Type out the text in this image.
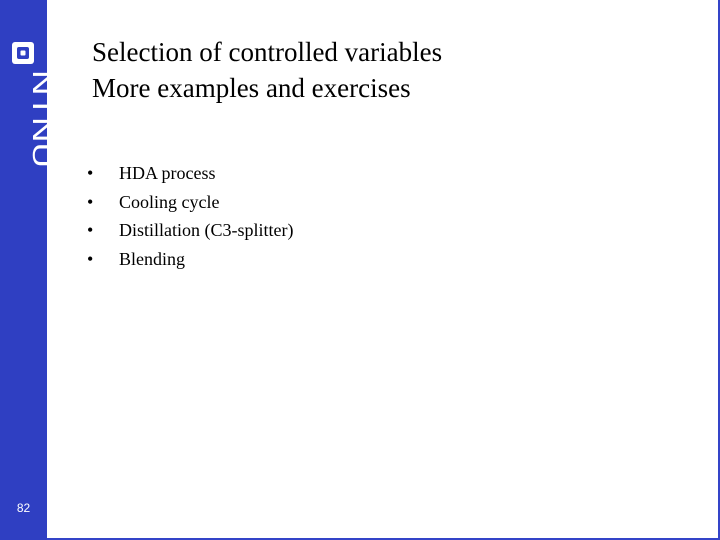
NTNU
82
Selection of controlled variables
More examples and exercises
• HDA process
• Cooling cycle
• Distillation (C3-splitter)
• Blending
